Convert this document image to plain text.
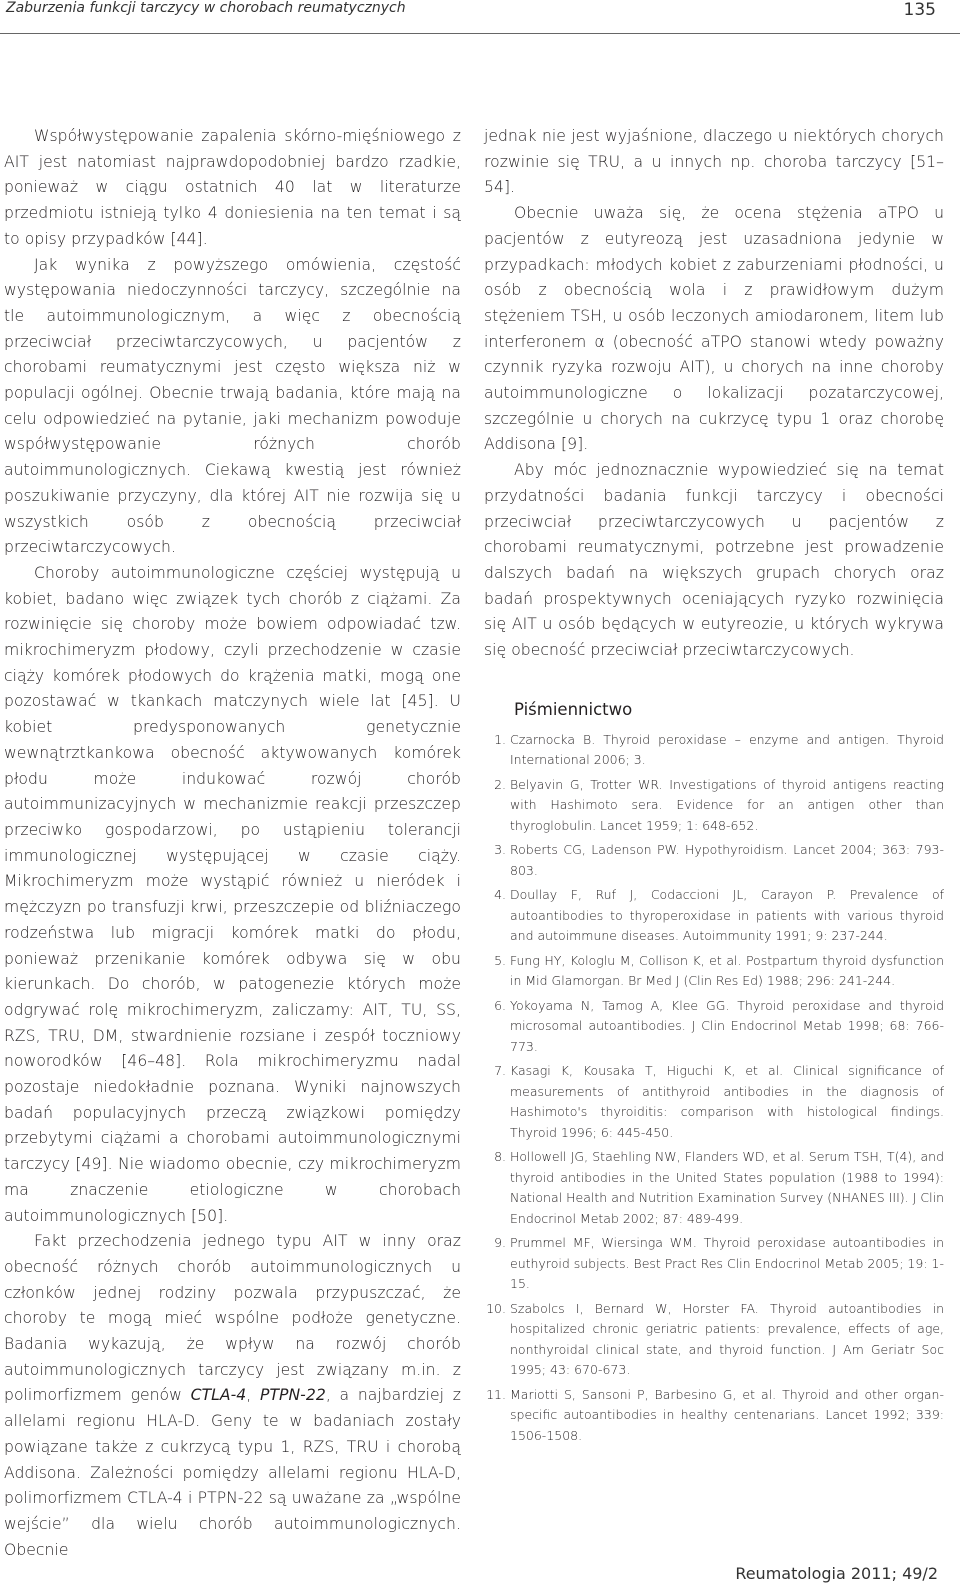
Zaburzenia funkcji tarczycy w chorobach reumatycznych	135

Współwystępowanie zapalenia skórno-mięśniowego z AIT jest natomiast najprawdopodobniej bardzo rzadkie, ponieważ w ciągu ostatnich 40 lat w literaturze przedmiotu istnieją tylko 4 doniesienia na ten temat i są to opisy przypadków [44].

Jak wynika z powyższego omówienia, częstość występowania niedoczynności tarczycy, szczególnie na tle autoimmunologicznym, a więc z obecnością przeciwciał przeciwtarczycowych, u pacjentów z chorobami reumatycznymi jest często większa niż w populacji ogólnej. Obecnie trwają badania, które mają na celu odpowiedzieć na pytanie, jaki mechanizm powoduje współwystępowanie różnych chorób autoimmunologicznych. Ciekawą kwestią jest również poszukiwanie przyczyny, dla której AIT nie rozwija się u wszystkich osób z obecnością przeciwciał przeciwtarczycowych.

Choroby autoimmunologiczne częściej występują u kobiet, badano więc związek tych chorób z ciążami. Za rozwinięcie się choroby może bowiem odpowiadać tzw. mikrochimeryzm płodowy, czyli przechodzenie w czasie ciąży komórek płodowych do krążenia matki, mogą one pozostawać w tkankach matczynych wiele lat [45]. U kobiet predysponowanych genetycznie wewnątrztkankowa obecność aktywowanych komórek płodu może indukować rozwój chorób autoimmunizacyjnych w mechanizmie reakcji przeszczep przeciwko gospodarzowi, po ustąpieniu tolerancji immunologicznej występującej w czasie ciąży. Mikrochimeryzm może wystąpić również u nieródek i mężczyzn po transfuzji krwi, przeszczepie od bliźniaczego rodzeństwa lub migracji komórek matki do płodu, ponieważ przenikanie komórek odbywa się w obu kierunkach. Do chorób, w patogenezie których może odgrywać rolę mikrochimeryzm, zaliczamy: AIT, TU, SS, RZS, TRU, DM, stwardnienie rozsiane i zespół toczniowy noworodków [46–48]. Rola mikrochimeryzmu nadal pozostaje niedokładnie poznana. Wyniki najnowszych badań populacyjnych przeczą związkowi pomiędzy przebytymi ciążami a chorobami autoimmunologicznymi tarczycy [49]. Nie wiadomo obecnie, czy mikrochimeryzm ma znaczenie etiologiczne w chorobach autoimmunologicznych [50].

Fakt przechodzenia jednego typu AIT w inny oraz obecność różnych chorób autoimmunologicznych u członków jednej rodziny pozwala przypuszczać, że choroby te mogą mieć wspólne podłoże genetyczne. Badania wykazują, że wpływ na rozwój chorób autoimmunologicznych tarczycy jest związany m.in. z polimorfizmem genów CTLA-4, PTPN-22, a najbardziej z allelami regionu HLA-D. Geny te w badaniach zostały powiązane także z cukrzycą typu 1, RZS, TRU i chorobą Addisona. Zależności pomiędzy allelami regionu HLA-D, polimorfizmem CTLA-4 i PTPN-22 są uważane za „wspólne wejście” dla wielu chorób autoimmunologicznych. Obecnie

jednak nie jest wyjaśnione, dlaczego u niektórych chorych rozwinie się TRU, a u innych np. choroba tarczycy [51–54].

Obecnie uważa się, że ocena stężenia aTPO u pacjentów z eutyreozą jest uzasadniona jedynie w przypadkach: młodych kobiet z zaburzeniami płodności, u osób z obecnością wola i z prawidłowym dużym stężeniem TSH, u osób leczonych amiodaronem, litem lub interferonem α (obecność aTPO stanowi wtedy poważny czynnik ryzyka rozwoju AIT), u chorych na inne choroby autoimmunologiczne o lokalizacji pozatarczycowej, szczególnie u chorych na cukrzycę typu 1 oraz chorobę Addisona [9].

Aby móc jednoznacznie wypowiedzieć się na temat przydatności badania funkcji tarczycy i obecności przeciwciał przeciwtarczycowych u pacjentów z chorobami reumatycznymi, potrzebne jest prowadzenie dalszych badań na większych grupach chorych oraz badań prospektywnych oceniających ryzyko rozwinięcia się AIT u osób będących w eutyreozie, u których wykrywa się obecność przeciwciał przeciwtarczycowych.

Piśmiennictwo
1. Czarnocka B. Thyroid peroxidase – enzyme and antigen. Thyroid International 2006; 3.
2. Belyavin G, Trotter WR. Investigations of thyroid antigens reacting with Hashimoto sera. Evidence for an antigen other than thyroglobulin. Lancet 1959; 1: 648-652.
3. Roberts CG, Ladenson PW. Hypothyroidism. Lancet 2004; 363: 793-803.
4. Doullay F, Ruf J, Codaccioni JL, Carayon P. Prevalence of autoantibodies to thyroperoxidase in patients with various thyroid and autoimmune diseases. Autoimmunity 1991; 9: 237-244.
5. Fung HY, Kologlu M, Collison K, et al. Postpartum thyroid dysfunction in Mid Glamorgan. Br Med J (Clin Res Ed) 1988; 296: 241-244.
6. Yokoyama N, Tamog A, Klee GG. Thyroid peroxidase and thyroid microsomal autoantibodies. J Clin Endocrinol Metab 1998; 68: 766-773.
7. Kasagi K, Kousaka T, Higuchi K, et al. Clinical significance of measurements of antithyroid antibodies in the diagnosis of Hashimoto's thyroiditis: comparison with histological findings. Thyroid 1996; 6: 445-450.
8. Hollowell JG, Staehling NW, Flanders WD, et al. Serum TSH, T(4), and thyroid antibodies in the United States population (1988 to 1994): National Health and Nutrition Examination Survey (NHANES III). J Clin Endocrinol Metab 2002; 87: 489-499.
9. Prummel MF, Wiersinga WM. Thyroid peroxidase autoantibodies in euthyroid subjects. Best Pract Res Clin Endocrinol Metab 2005; 19: 1-15.
10. Szabolcs I, Bernard W, Horster FA. Thyroid autoantibodies in hospitalized chronic geriatric patients: prevalence, effects of age, nonthyroidal clinical state, and thyroid function. J Am Geriatr Soc 1995; 43: 670-673.
11. Mariotti S, Sansoni P, Barbesino G, et al. Thyroid and other organ-specific autoantibodies in healthy centenarians. Lancet 1992; 339: 1506-1508.
Reumatologia 2011; 49/2
